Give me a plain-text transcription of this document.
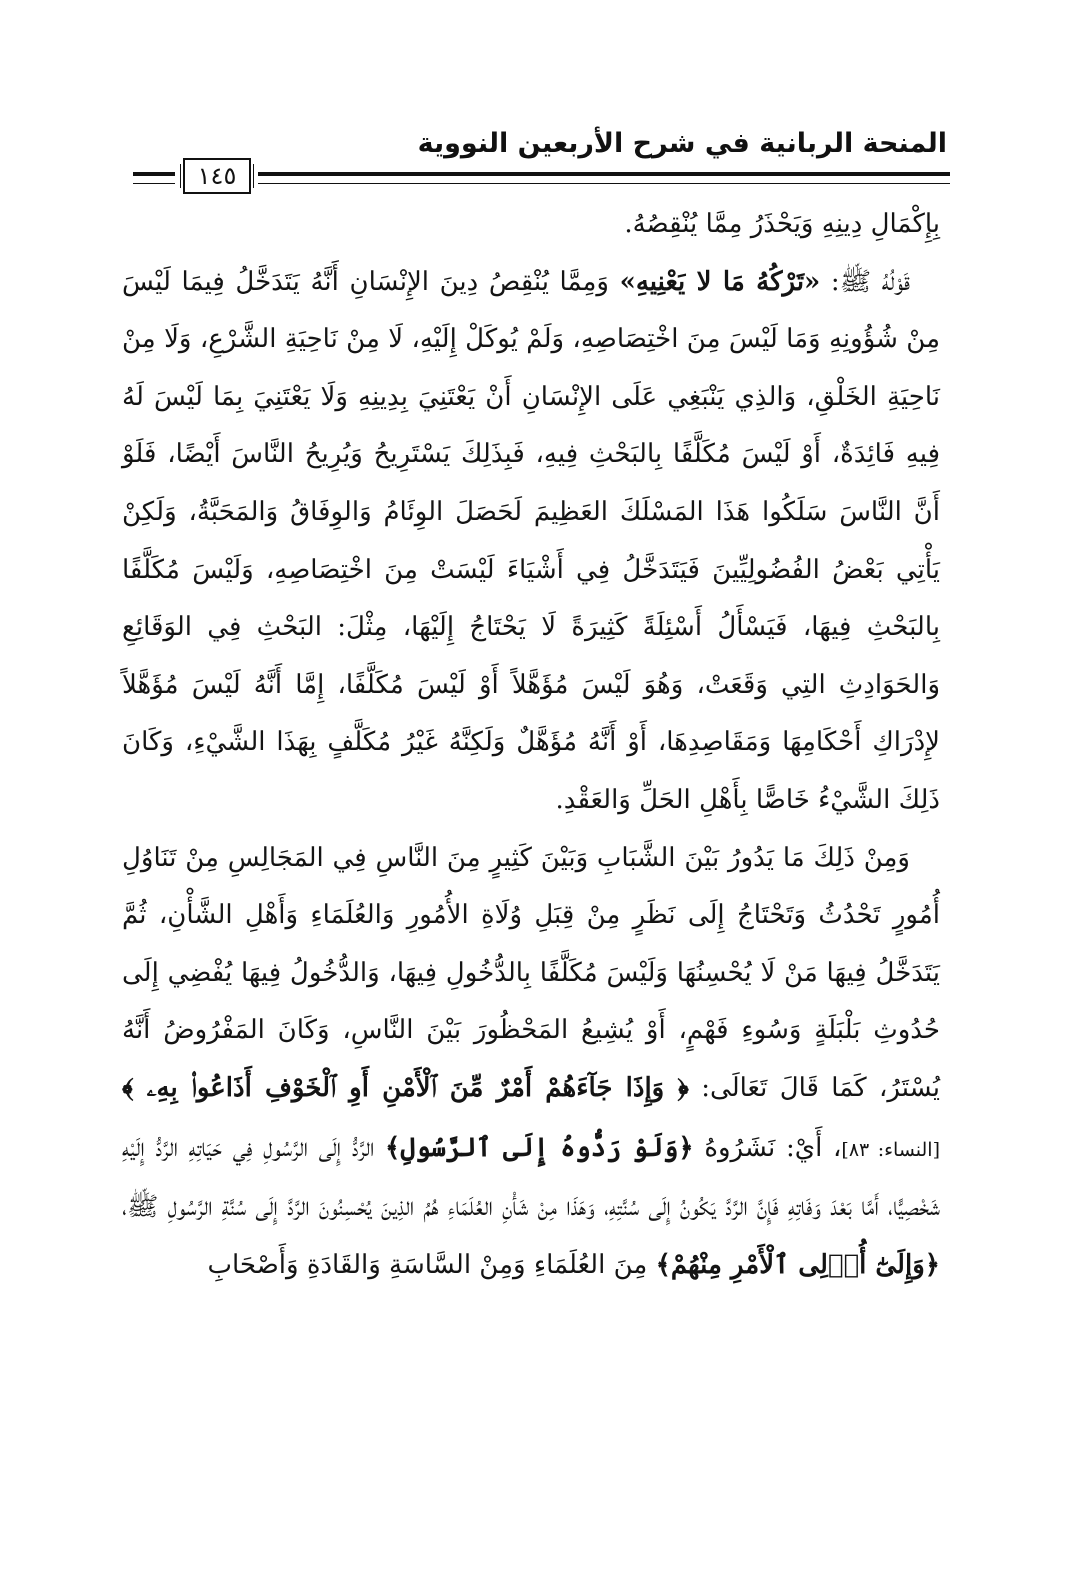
المنحة الربانية في شرح الأربعين النووية
١٤٥

بِإِكْمَالِ دِينِهِ وَيَحْذَرُ مِمَّا يُنْقِصُهُ.

قَوْلُهُ ﷺ: «تَرْكُهُ مَا لا يَعْنِيهِ» وَمِمَّا يُنْقِصُ دِينَ الإِنْسَانِ أَنَّهُ يَتَدَخَّلُ فِيمَا لَيْسَ مِنْ شُؤُونِهِ وَمَا لَيْسَ مِنَ اخْتِصَاصِهِ، وَلَمْ يُوكَلْ إِلَيْهِ، لَا مِنْ نَاحِيَةِ الشَّرْعِ، وَلَا مِنْ نَاحِيَةِ الخَلْقِ، وَالذِي يَنْبَغِي عَلَى الإِنْسَانِ أَنْ يَعْتَنِيَ بِدِينِهِ وَلَا يَعْتَنِيَ بِمَا لَيْسَ لَهُ فِيهِ فَائِدَةٌ، أَوْ لَيْسَ مُكَلَّفًا بِالبَحْثِ فِيهِ، فَبِذَلِكَ يَسْتَرِيحُ وَيُرِيحُ النَّاسَ أَيْضًا، فَلَوْ أَنَّ النَّاسَ سَلَكُوا هَذَا المَسْلَكَ العَظِيمَ لَحَصَلَ الوِئَامُ وَالوِفَاقُ وَالمَحَبَّةُ، وَلَكِنْ يَأْتِي بَعْضُ الفُضُولِيِّينَ فَيَتَدَخَّلُ فِي أَشْيَاءَ لَيْسَتْ مِنَ اخْتِصَاصِهِ، وَلَيْسَ مُكَلَّفًا بِالبَحْثِ فِيهَا، فَيَسْأَلُ أَسْئِلَةً كَثِيرَةً لَا يَحْتَاجُ إِلَيْهَا، مِثْلَ: البَحْثِ فِي الوَقَائِعِ وَالحَوَادِثِ التِي وَقَعَتْ، وَهُوَ لَيْسَ مُؤَهَّلاً أَوْ لَيْسَ مُكَلَّفًا، إِمَّا أَنَّهُ لَيْسَ مُؤَهَّلاً لإِدْرَاكِ أَحْكَامِهَا وَمَقَاصِدِهَا، أَوْ أَنَّهُ مُؤَهَّلٌ وَلَكِنَّهُ غَيْرُ مُكَلَّفٍ بِهَذَا الشَّيْءِ، وَكَانَ ذَلِكَ الشَّيْءُ خَاصًّا بِأَهْلِ الحَلِّ وَالعَقْدِ.

وَمِنْ ذَلِكَ مَا يَدُورُ بَيْنَ الشَّبَابِ وَبَيْنَ كَثِيرٍ مِنَ النَّاسِ فِي المَجَالِسِ مِنْ تَنَاوُلِ أُمُورٍ تَحْدُثُ وَتَحْتَاجُ إِلَى نَظَرٍ مِنْ قِبَلِ وُلَاةِ الأُمُورِ وَالعُلَمَاءِ وَأَهْلِ الشَّأْنِ، ثُمَّ يَتَدَخَّلُ فِيهَا مَنْ لَا يُحْسِنُهَا وَلَيْسَ مُكَلَّفًا بِالدُّخُولِ فِيهَا، وَالدُّخُولُ فِيهَا يُفْضِي إِلَى حُدُوثِ بَلْبَلَةٍ وَسُوءِ فَهْمٍ، أَوْ يُشِيعُ المَحْظُورَ بَيْنَ النَّاسِ، وَكَانَ المَفْرُوضُ أَنَّهُ يُسْتَرُ، كَمَا قَالَ تَعَالَى: ﴿ وَإِذَا جَآءَهُمْ أَمْرٌ مِّنَ ٱلْأَمْنِ أَوِ ٱلْخَوْفِ أَذَاعُوا۟ بِهِۦ ﴾ [النساء: ٨٣]، أَيْ: نَشَرُوهُ ﴿وَلَوْ رَدُّوهُ إِلَى ٱلرَّسُولِ﴾ الرَّدُّ إِلَى الرَّسُولِ فِي حَيَاتِهِ الرَّدُّ إِلَيْهِ شَخْصِيًّا، أَمَّا بَعْدَ وَفَاتِهِ فَإِنَّ الرَّدَّ يَكُونُ إِلَى سُنَّتِهِ، وَهَذَا مِنْ شَأْنِ العُلَمَاءِ هُمُ الذِينَ يُحْسِنُونَ الرَّدَّ إِلَى سُنَّةِ الرَّسُولِ ﷺ، ﴿وَإِلَىٰٓ أُو۟لِى ٱلْأَمْرِ مِنْهُمْ﴾ مِنَ العُلَمَاءِ وَمِنْ السَّاسَةِ وَالقَادَةِ وَأَصْحَابِ
